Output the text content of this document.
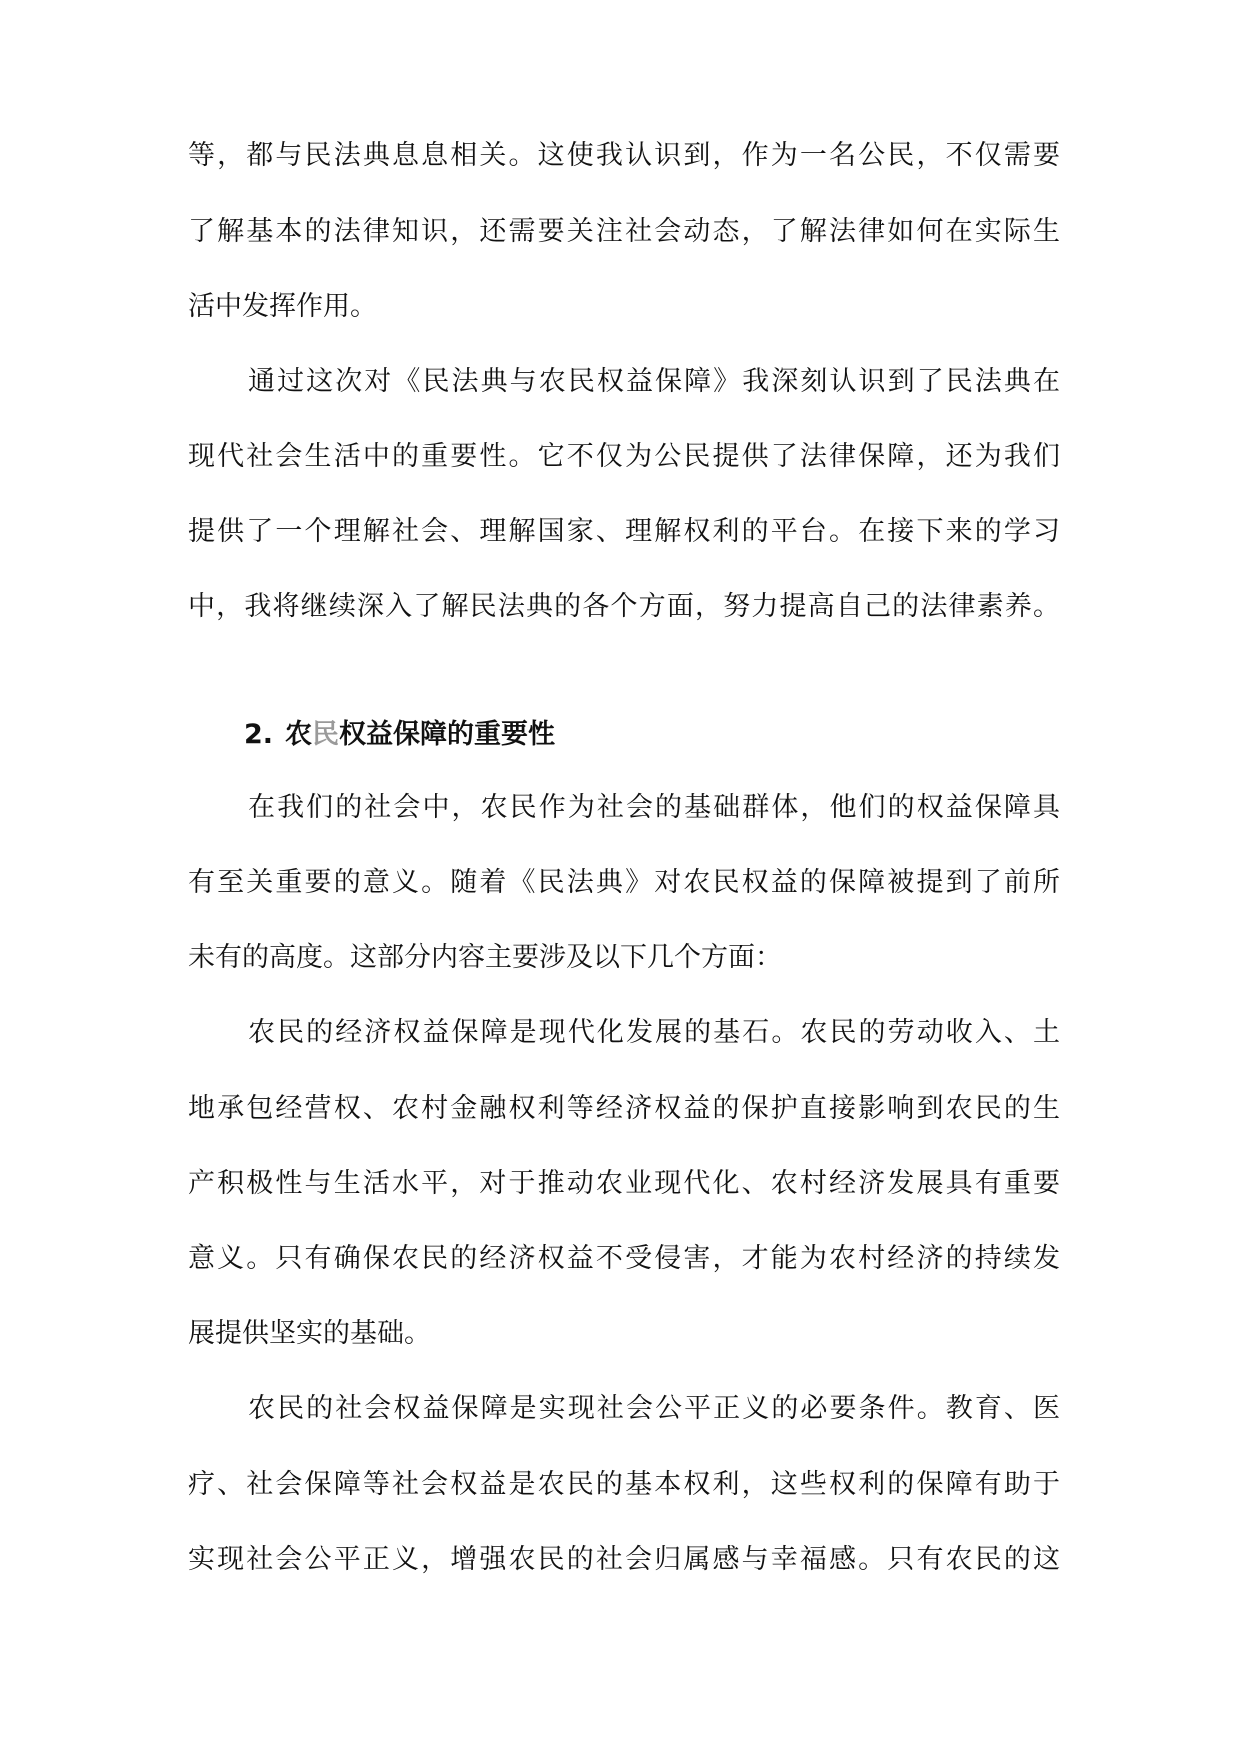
等，都与民法典息息相关。这使我认识到，作为一名公民，不仅需要
了解基本的法律知识，还需要关注社会动态，了解法律如何在实际生
活中发挥作用。
通过这次对《民法典与农民权益保障》我深刻认识到了民法典在
现代社会生活中的重要性。它不仅为公民提供了法律保障，还为我们
提供了一个理解社会、理解国家、理解权利的平台。在接下来的学习
中，我将继续深入了解民法典的各个方面，努力提高自己的法律素养。
2. 农民权益保障的重要性
在我们的社会中，农民作为社会的基础群体，他们的权益保障具
有至关重要的意义。随着《民法典》对农民权益的保障被提到了前所
未有的高度。这部分内容主要涉及以下几个方面：
农民的经济权益保障是现代化发展的基石。农民的劳动收入、土
地承包经营权、农村金融权利等经济权益的保护直接影响到农民的生
产积极性与生活水平，对于推动农业现代化、农村经济发展具有重要
意义。只有确保农民的经济权益不受侵害，才能为农村经济的持续发
展提供坚实的基础。
农民的社会权益保障是实现社会公平正义的必要条件。教育、医
疗、社会保障等社会权益是农民的基本权利，这些权利的保障有助于
实现社会公平正义，增强农民的社会归属感与幸福感。只有农民的这
